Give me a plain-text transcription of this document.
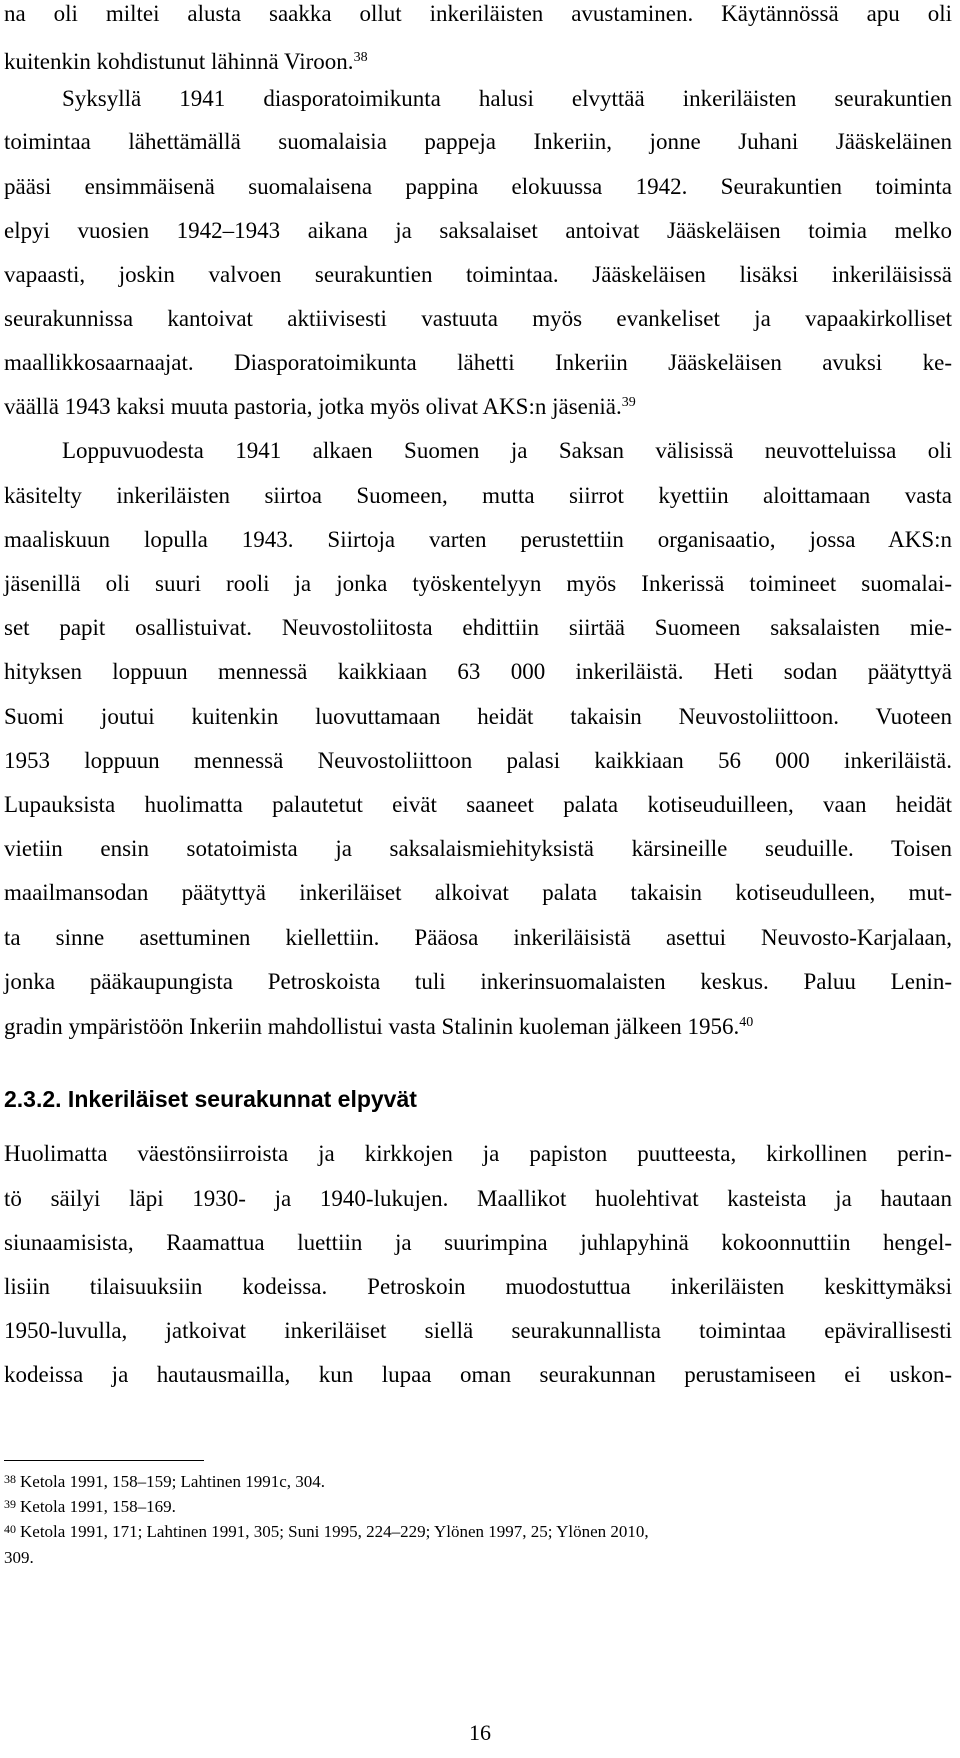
na oli miltei alusta saakka ollut inkeriläisten avustaminen. Käytännössä apu oli
kuitenkin kohdistunut lähinnä Viroon.$^{38}$
Syksyllä 1941 diasporatoimikunta halusi elvyttää inkeriläisten seurakuntien
toimintaa lähettämällä suomalaisia pappeja Inkeriin, jonne Juhani Jääskeläinen
pääsi ensimmäisenä suomalaisena pappina elokuussa 1942. Seurakuntien toiminta
elpyi vuosien 1942–1943 aikana ja saksalaiset antoivat Jääskeläisen toimia melko
vapaasti, joskin valvoen seurakuntien toimintaa. Jääskeläisen lisäksi inkeriläisissä
seurakunnissa kantoivat aktiivisesti vastuuta myös evankeliset ja vapaakirkolliset
maallikkosaarnaajat. Diasporatoimikunta lähetti Inkeriin Jääskeläisen avuksi ke-
väällä 1943 kaksi muuta pastoria, jotka myös olivat AKS:n jäseniä.$^{39}$
Loppuvuodesta 1941 alkaen Suomen ja Saksan välisissä neuvotteluissa oli
käsitelty inkeriläisten siirtoa Suomeen, mutta siirrot kyettiin aloittamaan vasta
maaliskuun lopulla 1943. Siirtoja varten perustettiin organisaatio, jossa AKS:n
jäsenillä oli suuri rooli ja jonka työskentelyyn myös Inkerissä toimineet suomalai-
set papit osallistuivat. Neuvostoliitosta ehdittiin siirtää Suomeen saksalaisten mie-
hityksen loppuun mennessä kaikkiaan 63 000 inkeriläistä. Heti sodan päätyttyä
Suomi joutui kuitenkin luovuttamaan heidät takaisin Neuvostoliittoon. Vuoteen
1953 loppuun mennessä Neuvostoliittoon palasi kaikkiaan 56 000 inkeriläistä.
Lupauksista huolimatta palautetut eivät saaneet palata kotiseuduilleen, vaan heidät
vietiin ensin sotatoimista ja saksalaismiehityksistä kärsineille seuduille. Toisen
maailmansodan päätyttyä inkeriläiset alkoivat palata takaisin kotiseudulleen, mut-
ta sinne asettuminen kiellettiin. Pääosa inkeriläisistä asettui Neuvosto-Karjalaan,
jonka pääkaupungista Petroskoista tuli inkerinsuomalaisten keskus. Paluu Lenin-
gradin ympäristöön Inkeriin mahdollistui vasta Stalinin kuoleman jälkeen 1956.40
2.3.2. Inkeriläiset seurakunnat elpyvät
Huolimatta väestönsiirroista ja kirkkojen ja papiston puutteesta, kirkollinen perin-
tö säilyi läpi 1930- ja 1940-lukujen. Maallikot huolehtivat kasteista ja hautaan
siunaamisista, Raamattua luettiin ja suurimpina juhlapyhinä kokoonnuttiin hengel-
lisiin tilaisuuksiin kodeissa. Petroskoin muodostuttua inkeriläisten keskittymäksi
1950-luvulla, jatkoivat inkeriläiset siellä seurakunnallista toimintaa epävirallisesti
kodeissa ja hautausmailla, kun lupaa oman seurakunnan perustamiseen ei uskon-
$^{38}$ Ketola 1991, 158–159; Lahtinen 1991c, 304.
$^{39}$ Ketola 1991, 158–169.
$^{40}$ Ketola 1991, 171; Lahtinen 1991, 305; Suni 1995, 224–229; Ylönen 1997, 25; Ylönen 2010,
309.
16
